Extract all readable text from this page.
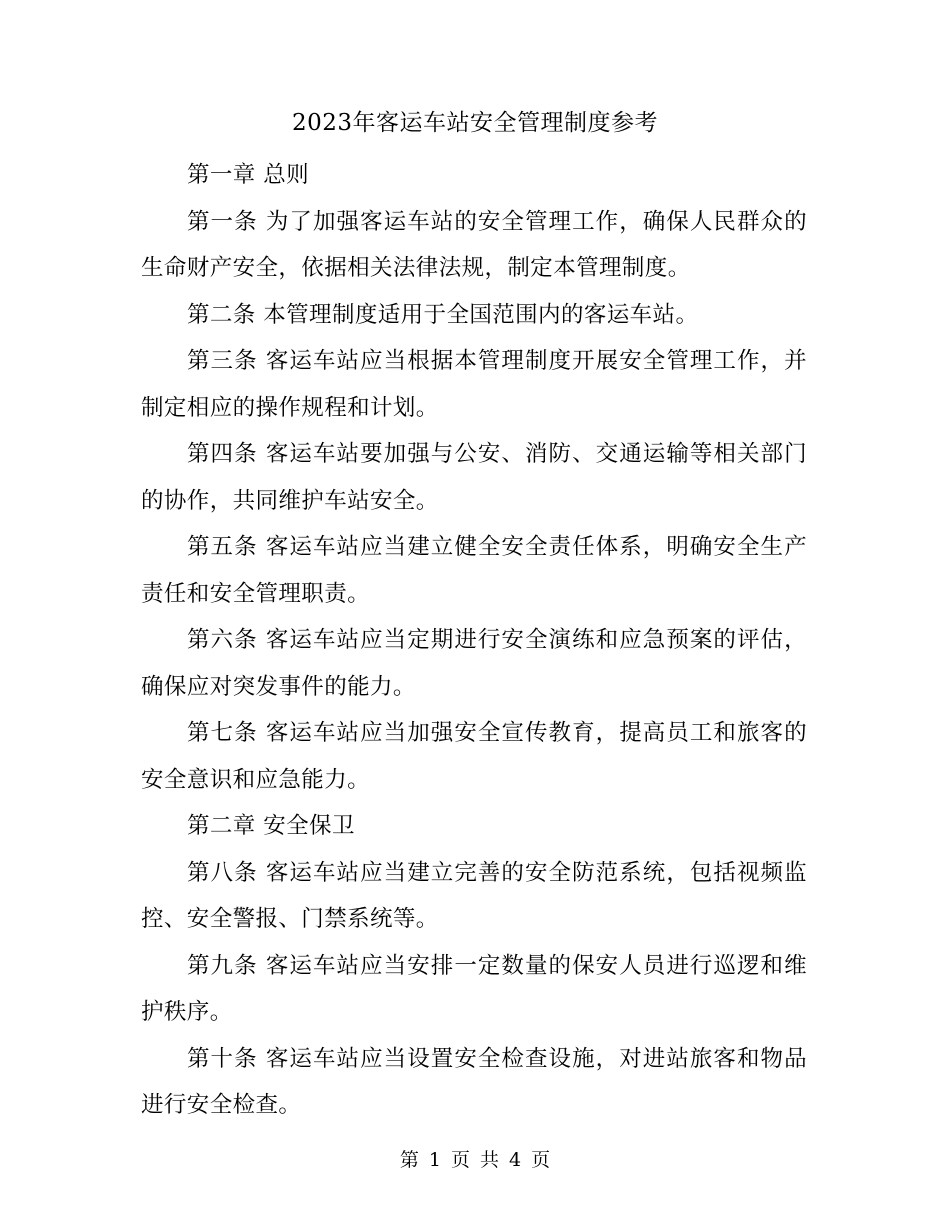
2023年客运车站安全管理制度参考

第一章 总则

第一条 为了加强客运车站的安全管理工作，确保人民群众的生命财产安全，依据相关法律法规，制定本管理制度。

第二条 本管理制度适用于全国范围内的客运车站。

第三条 客运车站应当根据本管理制度开展安全管理工作，并制定相应的操作规程和计划。

第四条 客运车站要加强与公安、消防、交通运输等相关部门的协作，共同维护车站安全。

第五条 客运车站应当建立健全安全责任体系，明确安全生产责任和安全管理职责。

第六条 客运车站应当定期进行安全演练和应急预案的评估，确保应对突发事件的能力。

第七条 客运车站应当加强安全宣传教育，提高员工和旅客的安全意识和应急能力。

第二章 安全保卫

第八条 客运车站应当建立完善的安全防范系统，包括视频监控、安全警报、门禁系统等。

第九条 客运车站应当安排一定数量的保安人员进行巡逻和维护秩序。

第十条 客运车站应当设置安全检查设施，对进站旅客和物品进行安全检查。

第 1 页 共 4 页
